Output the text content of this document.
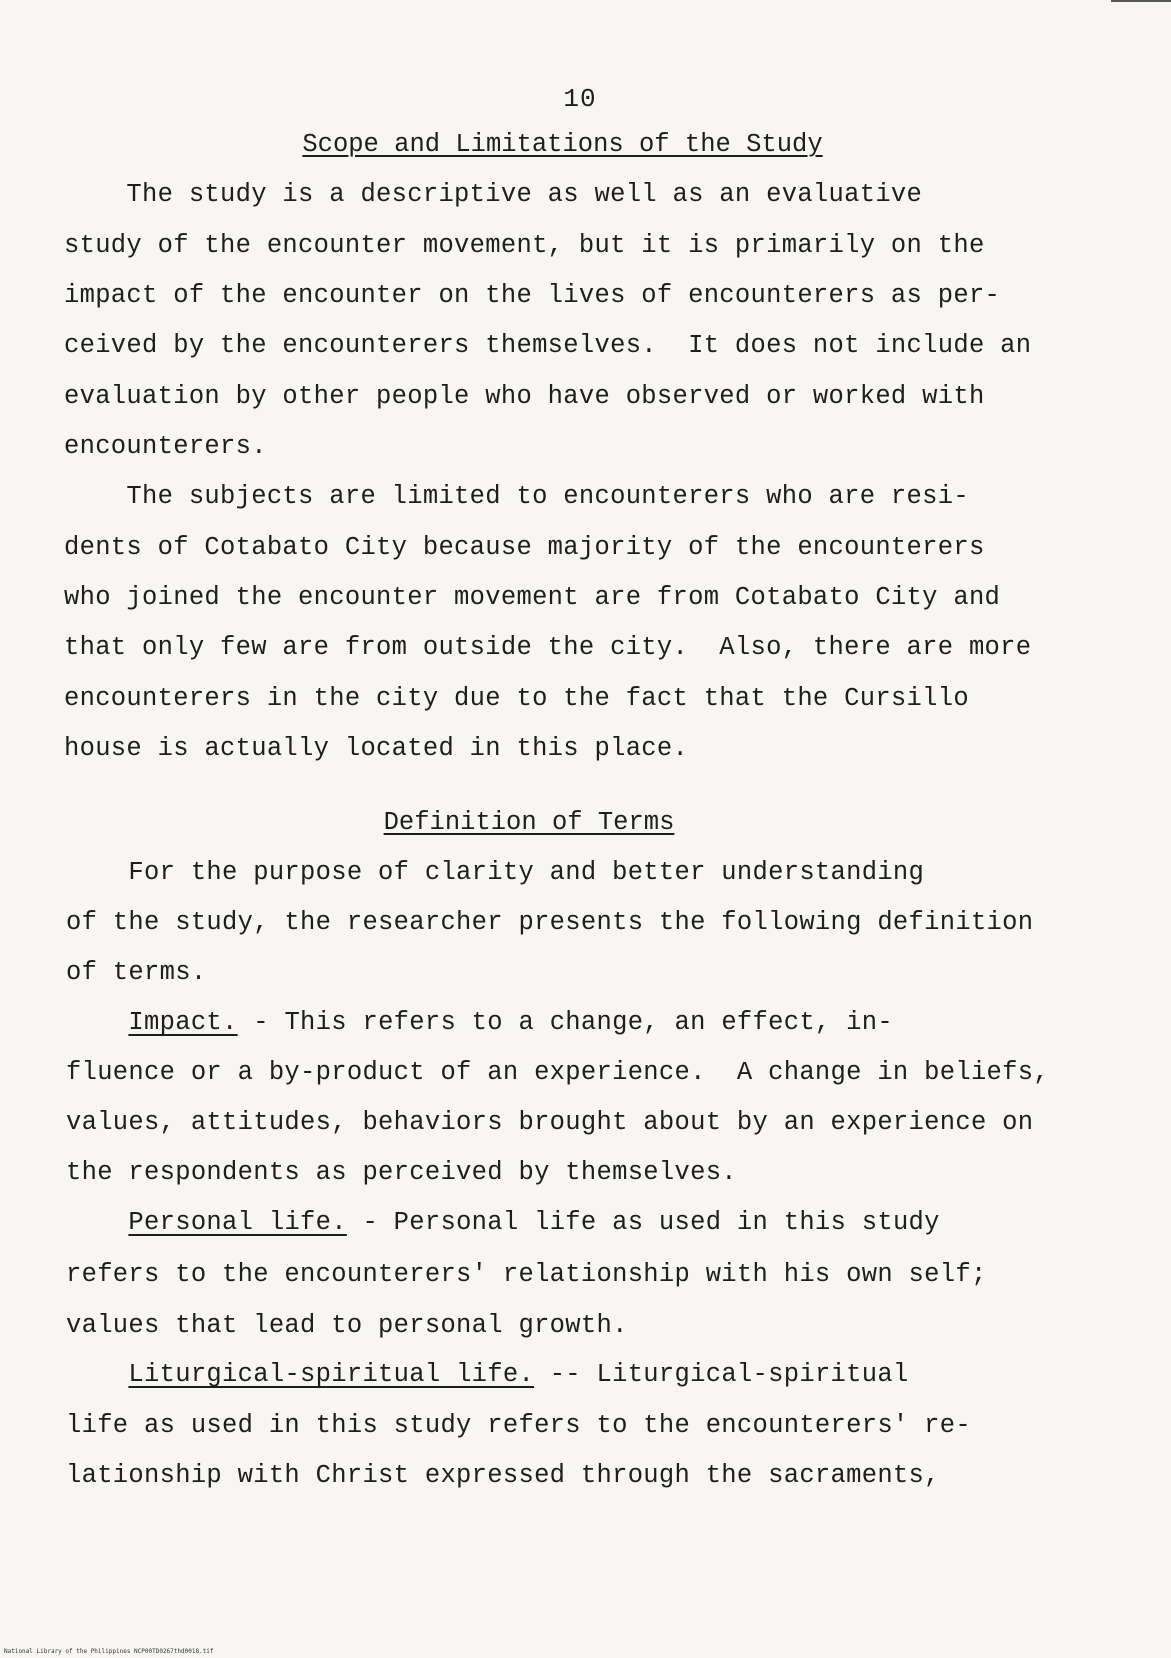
10
Scope and Limitations of the Study
The study is a descriptive as well as an evaluative
study of the encounter movement, but it is primarily on the
impact of the encounter on the lives of encounterers as per-
ceived by the encounterers themselves.  It does not include an
evaluation by other people who have observed or worked with
encounterers.
The subjects are limited to encounterers who are resi-
dents of Cotabato City because majority of the encounterers
who joined the encounter movement are from Cotabato City and
that only few are from outside the city.  Also, there are more
encounterers in the city due to the fact that the Cursillo
house is actually located in this place.
Definition of Terms
For the purpose of clarity and better understanding
of the study, the researcher presents the following definition
of terms.
Impact. - This refers to a change, an effect, in-
fluence or a by-product of an experience.  A change in beliefs,
values, attitudes, behaviors brought about by an experience on
the respondents as perceived by themselves.
Personal life. - Personal life as used in this study
refers to the encounterers' relationship with his own self;
values that lead to personal growth.
Liturgical-spiritual life. -- Liturgical-spiritual
life as used in this study refers to the encounterers' re-
lationship with Christ expressed through the sacraments,
National Library of the Philippines NCP00TD0267thd0018.tif
